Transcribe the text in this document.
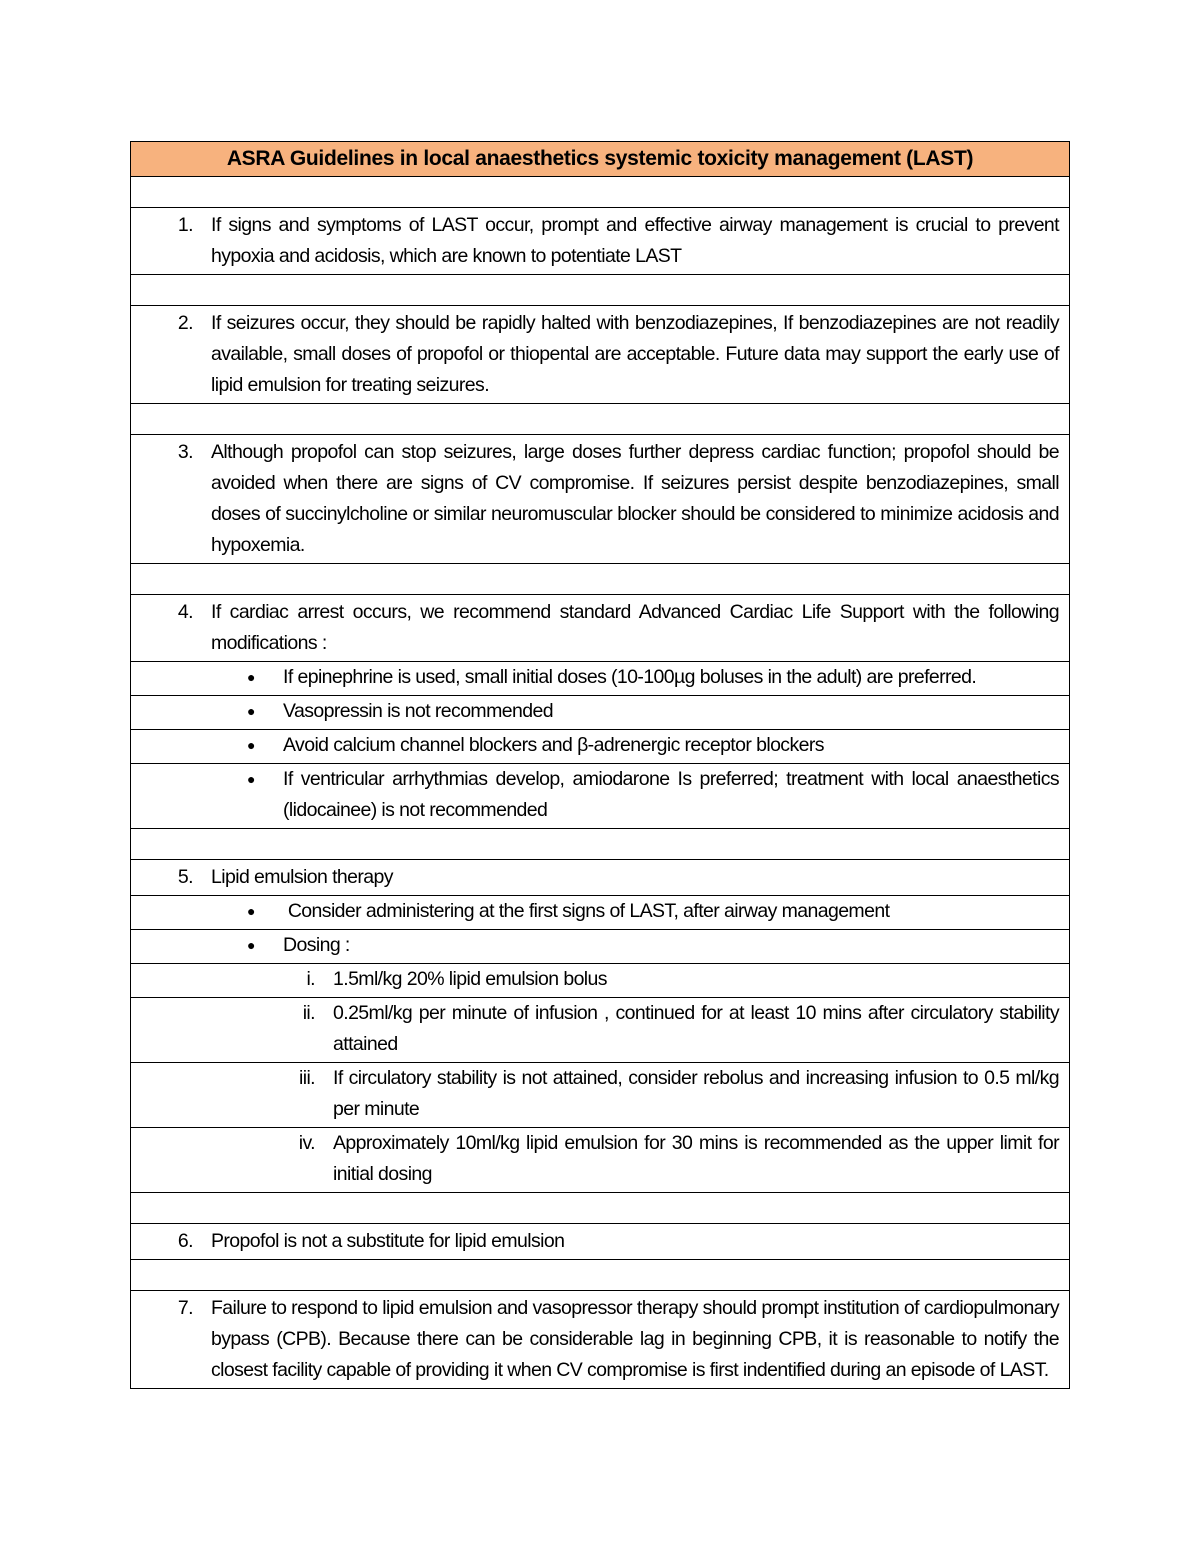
ASRA Guidelines in local anaesthetics systemic toxicity management (LAST)
1. If signs and symptoms of LAST occur, prompt and effective airway management is crucial to prevent hypoxia and acidosis, which are known to potentiate LAST
2. If seizures occur, they should be rapidly halted with benzodiazepines, If benzodiazepines are not readily available, small doses of propofol or thiopental are acceptable. Future data may support the early use of lipid emulsion for treating seizures.
3. Although propofol can stop seizures, large doses further depress cardiac function; propofol should be avoided when there are signs of CV compromise. If seizures persist despite benzodiazepines, small doses of succinylcholine or similar neuromuscular blocker should be considered to minimize acidosis and hypoxemia.
4. If cardiac arrest occurs, we recommend standard Advanced Cardiac Life Support with the following modifications :
●	If epinephrine is used, small initial doses (10-100µg boluses in the adult) are preferred.
●	Vasopressin is not recommended
●	Avoid calcium channel blockers and β-adrenergic receptor blockers
●	If ventricular arrhythmias develop, amiodarone Is preferred; treatment with local anaesthetics (lidocainee) is not recommended
5. Lipid emulsion therapy
●	Consider administering at the first signs of LAST, after airway management
●	Dosing :
i. 1.5ml/kg 20% lipid emulsion bolus
ii. 0.25ml/kg per minute of infusion , continued for at least 10 mins after circulatory stability attained
iii. If circulatory stability is not attained, consider rebolus and increasing infusion to 0.5 ml/kg per minute
iv. Approximately 10ml/kg lipid emulsion for 30 mins is recommended as the upper limit for initial dosing
6. Propofol is not a substitute for lipid emulsion
7. Failure to respond to lipid emulsion and vasopressor therapy should prompt institution of cardiopulmonary bypass (CPB). Because there can be considerable lag in beginning CPB, it is reasonable to notify the closest facility capable of providing it when CV compromise is first indentified during an episode of LAST.
